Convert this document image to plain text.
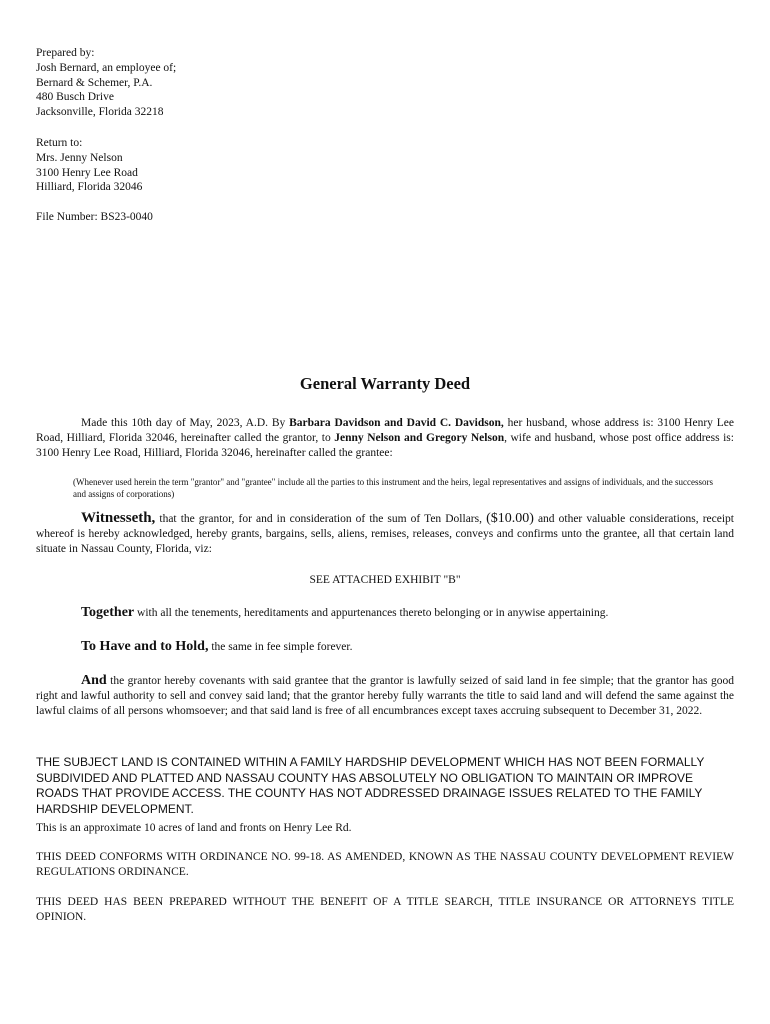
Prepared by:
Josh Bernard, an employee of;
Bernard & Schemer, P.A.
480 Busch Drive
Jacksonville, Florida 32218
Return to:
Mrs. Jenny Nelson
3100 Henry Lee Road
Hilliard, Florida 32046
File Number: BS23-0040
General Warranty Deed
Made this 10th day of May, 2023, A.D. By Barbara Davidson and David C. Davidson, her husband, whose address is: 3100 Henry Lee Road, Hilliard, Florida 32046, hereinafter called the grantor, to Jenny Nelson and Gregory Nelson, wife and husband, whose post office address is: 3100 Henry Lee Road, Hilliard, Florida 32046, hereinafter called the grantee:
(Whenever used herein the term "grantor" and "grantee" include all the parties to this instrument and the heirs, legal representatives and assigns of individuals, and the successors and assigns of corporations)
Witnesseth, that the grantor, for and in consideration of the sum of Ten Dollars, ($10.00) and other valuable considerations, receipt whereof is hereby acknowledged, hereby grants, bargains, sells, aliens, remises, releases, conveys and confirms unto the grantee, all that certain land situate in Nassau County, Florida, viz:
SEE ATTACHED EXHIBIT "B"
Together with all the tenements, hereditaments and appurtenances thereto belonging or in anywise appertaining.
To Have and to Hold, the same in fee simple forever.
And the grantor hereby covenants with said grantee that the grantor is lawfully seized of said land in fee simple; that the grantor has good right and lawful authority to sell and convey said land; that the grantor hereby fully warrants the title to said land and will defend the same against the lawful claims of all persons whomsoever; and that said land is free of all encumbrances except taxes accruing subsequent to December 31, 2022.
THE SUBJECT LAND IS CONTAINED WITHIN A FAMILY HARDSHIP DEVELOPMENT WHICH HAS NOT BEEN FORMALLY SUBDIVIDED AND PLATTED AND NASSAU COUNTY HAS ABSOLUTELY NO OBLIGATION TO MAINTAIN OR IMPROVE ROADS THAT PROVIDE ACCESS. THE COUNTY HAS NOT ADDRESSED DRAINAGE ISSUES RELATED TO THE FAMILY HARDSHIP DEVELOPMENT.
This is an approximate 10 acres of land and fronts on Henry Lee Rd.
THIS DEED CONFORMS WITH ORDINANCE NO. 99-18. AS AMENDED, KNOWN AS THE NASSAU COUNTY DEVELOPMENT REVIEW REGULATIONS ORDINANCE.
THIS DEED HAS BEEN PREPARED WITHOUT THE BENEFIT OF A TITLE SEARCH, TITLE INSURANCE OR ATTORNEYS TITLE OPINION.
